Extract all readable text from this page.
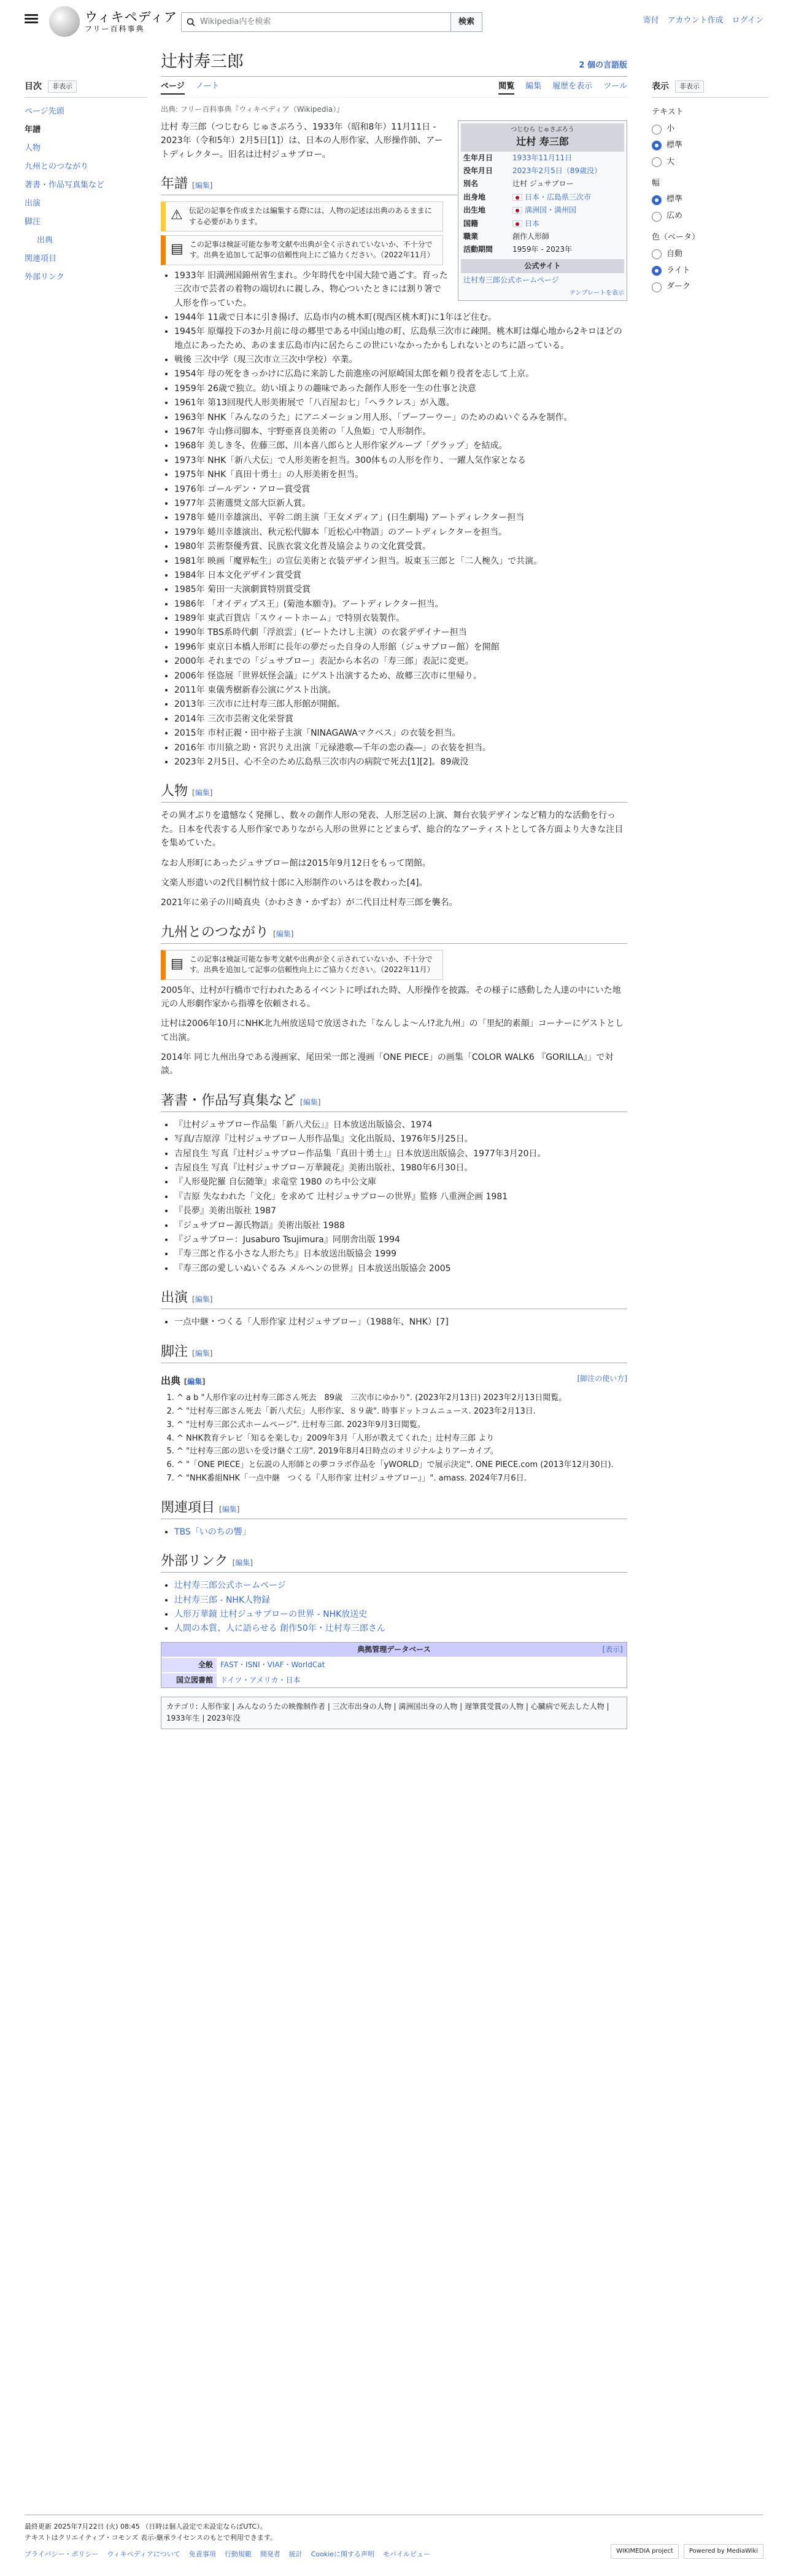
ウィキペディア
フリー百科事典
Wikipedia内を検索	検索	寄付 アカウント作成 ログイン
目次	非表示
ページ先頭
年譜
人物
九州とのつながり
著書・作品写真集など
出演
脚注
出典
関連項目
外部リンク
辻村寿三郎	2 個の言語版
ページ ノート	閲覧 編集 履歴を表示 ツール
出典: フリー百科事典『ウィキペディア（Wikipedia）』
つじむら じゅさぶろう
辻村 寿三郎
生年月日	1933年11月11日
没年月日	2023年2月5日（89歳没）
別名	辻村 ジュサブロー
出身地	日本・広島県三次市
出生地	満洲国・満州国
国籍	日本
職業	創作人形師
活動期間	1959年 - 2023年
公式サイト
辻村寿三郎公式ホームページ
テンプレートを表示

辻村 寿三郎（つじむら じゅさぶろう、1933年（昭和8年）11月11日 - 2023年（令和5年）2月5日[1]）は、日本の人形作家、人形操作師、アートディレクター。旧名は辻村ジュサブロー。

年譜 [編集]
⚠ 伝記の記事を作成または編集する際には、人物の記述は出典のあるままにする必要があります。
▤ この記事は検証可能な参考文献や出典が全く示されていないか、不十分です。出典を追加して記事の信頼性向上にご協力ください。（2022年11月）
• 1933年 旧満洲国錦州省生まれ。少年時代を中国大陸で過ごす。育った三次市で芸者の着物の端切れに親しみ、物心ついたときには割り箸で人形を作っていた。
• 1944年 11歳で日本に引き揚げ、広島市内の桃木町(現西区桃木町)に1年ほど住む。
• 1945年 原爆投下の3か月前に母の郷里である中国山地の町、広島県三次市に疎開。桃木町は爆心地から2キロほどの地点にあったため、あのまま広島市内に居たらこの世にいなかったかもしれないとのちに語っている。
• 戦後 三次中学（現三次市立三次中学校）卒業。
• 1954年 母の死をきっかけに広島に来訪した前進座の河原崎国太郎を頼り役者を志して上京。
• 1959年 26歳で独立。幼い頃よりの趣味であった創作人形を一生の仕事と決意
• 1961年 第13回現代人形美術展で「八百屋お七」「ヘラクレス」が入選。
• 1963年 NHK「みんなのうた」にアニメーション用人形、「ブーフーウー」のためのぬいぐるみを制作。
• 1967年 寺山修司脚本、宇野亜喜良美術の「人魚姫」で人形制作。
• 1968年 美しき冬、佐藤三郎、川本喜八郎らと人形作家グループ「グラップ」を結成。
• 1973年 NHK「新八犬伝」で人形美術を担当。300体もの人形を作り、一躍人気作家となる
• 1975年 NHK「真田十勇士」の人形美術を担当。
• 1976年 ゴールデン・アロー賞受賞
• 1977年 芸術選奨文部大臣新人賞。
• 1978年 蜷川幸雄演出、平幹二朗主演「王女メディア」(日生劇場) アートディレクター担当
• 1979年 蜷川幸雄演出、秋元松代脚本「近松心中物語」のアートディレクターを担当。
• 1980年 芸術祭優秀賞、民族衣裳文化普及協会よりの文化賞受賞。
• 1981年 映画「魔界転生」の宣伝美術と衣装デザイン担当。坂東玉三郎と「二人椀久」で共演。
• 1984年 日本文化デザイン賞受賞
• 1985年 菊田一夫演劇賞特別賞受賞
• 1986年 「オイディプス王」(菊池本願寺)。アートディレクター担当。
• 1989年 東武百貨店「スウィートホーム」で特別衣装製作。
• 1990年 TBS系時代劇「浮浪雲」(ビートたけし主演）の衣裳デザイナー担当
• 1996年 東京日本橋人形町に長年の夢だった自身の人形館（ジュサブロー館）を開館
• 2000年 それまでの「ジュサブロー」表記から本名の「寿三郎」表記に変更。
• 2006年 怪盗展「世界妖怪会議」にゲスト出演するため、故郷三次市に里帰り。
• 2011年 東儀秀樹新春公演にゲスト出演。
• 2013年 三次市に辻村寿三郎人形館が開館。
• 2014年 三次市芸術文化栄誉賞
• 2015年 市村正親・田中裕子主演「NINAGAWAマクベス」の衣装を担当。
• 2016年 市川猿之助・宮沢りえ出演「元禄港歌―千年の恋の森―」の衣装を担当。
• 2023年 2月5日、心不全のため広島県三次市内の病院で死去[1][2]。89歳没
人物 [編集]

その異才ぶりを遺憾なく発揮し、数々の創作人形の発表、人形芝居の上演、舞台衣装デザインなど精力的な活動を行った。日本を代表する人形作家でありながら人形の世界にとどまらず、総合的なアーティストとして各方面より大きな注目を集めていた。

なお人形町にあったジュサブロー館は2015年9月12日をもって閉館。

文楽人形遣いの2代目桐竹紋十郎に入形制作のいろはを教わった[4]。

2021年に弟子の川崎真央（かわさき・かずお）が二代目辻村寿三郎を襲名。

九州とのつながり [編集]
▤ この記事は検証可能な参考文献や出典が全く示されていないか、不十分です。出典を追加して記事の信頼性向上にご協力ください。（2022年11月）

2005年、辻村が行橋市で行われたあるイベントに呼ばれた時、人形操作を披露。その様子に感動した人達の中にいた地元の人形劇作家から指導を依頼される。

辻村は2006年10月にNHK北九州放送局で放送された「なんしよ〜ん!?北九州」の「里紀的素顔」コーナーにゲストとして出演。

2014年 同じ九州出身である漫画家、尾田栄一郎と漫画「ONE PIECE」の画集「COLOR WALK6 『GORILLA』」で対談。

著書・作品写真集など [編集]
• 『辻村ジュサブロー作品集「新八犬伝」』日本放送出版協会、1974
• 写真/吉原淳『辻村ジュサブロー人形作品集』文化出版局、1976年5月25日。
• 吉屋良生 写真『辻村ジュサブロー作品集「真田十勇士」』日本放送出版協会、1977年3月20日。
• 吉屋良生 写真『辻村ジュサブロー万華鏡花』美術出版社、1980年6月30日。
• 『人形曼陀羅 自伝随筆』求竜堂 1980 のち中公文庫
• 『吉原 失なわれた「文化」を求めて 辻村ジュサブローの世界』監修 八重洲企画 1981
• 『長夢』美術出版社 1987
• 『ジュサブロー源氏物語』美術出版社 1988
• 『ジュサブロー：Jusaburo Tsujimura』同朋舎出版 1994
• 『寿三郎と作る小さな人形たち』日本放送出版協会 1999
• 『寿三郎の愛しいぬいぐるみ メルヘンの世界』日本放送出版協会 2005
出演 [編集]
• 一点中継・つくる「人形作家 辻村ジュサブロー」（1988年、NHK）[7]
脚注 [編集]
出典 [編集]	[脚注の使い方]
1. ^ a b "人形作家の辻村寿三郎さん死去　89歳　三次市にゆかり". (2023年2月13日) 2023年2月13日閲覧。
2. ^ "辻村寿三郎さん死去「新八犬伝」人形作家、８９歳". 時事ドットコムニュース. 2023年2月13日.
3. ^ "辻村寿三郎公式ホームページ". 辻村寿三郎. 2023年9月3日閲覧。
4. ^ NHK教育テレビ「知るを楽しむ」2009年3月「人形が教えてくれた」辻村寿三郎 より
5. ^ "辻村寿三郎の思いを受け継ぐ工房". 2019年8月4日時点のオリジナルよりアーカイブ。
6. ^ "「ONE PIECE」と伝説の人形師との夢コラボ作品を「yWORLD」で展示決定". ONE PIECE.com (2013年12月30日).
7. ^ "NHK番組NHK「一点中継　つくる『人形作家 辻村ジュサブロー』」". amass. 2024年7月6日.
関連項目 [編集]
• TBS「いのちの響」
外部リンク [編集]
• 辻村寿三郎公式ホームページ
• 辻村寿三郎 - NHK人物録
• 人形万華鏡 辻村ジュサブローの世界 - NHK放送史
• 人間の本質、人に語らせる 創作50年・辻村寿三郎さん
典拠管理データベース	[表示]
全般	FAST・ISNI・VIAF・WorldCat
国立図書館	ドイツ・アメリカ・日本
カテゴリ: 人形作家 | みんなのうたの映像制作者 | 三次市出身の人物 | 満洲国出身の人物 | 遅筆賞受賞の人物 | 心臓病で死去した人物 | 1933年生 | 2023年没
表示	非表示
テキスト
小
標準
大
幅
標準
広め
色（ベータ）
自動
ライト
ダーク
最終更新 2025年7月22日 (火) 08:45 （日時は個人設定で未設定ならばUTC）。
テキストはクリエイティブ・コモンズ 表示-継承ライセンスのもとで利用できます。
プライバシー・ポリシー ウィキペディアについて 免責事項 行動規範 開発者 統計 Cookieに関する声明 モバイルビュー	WIKIMEDIA project	Powered by MediaWiki
